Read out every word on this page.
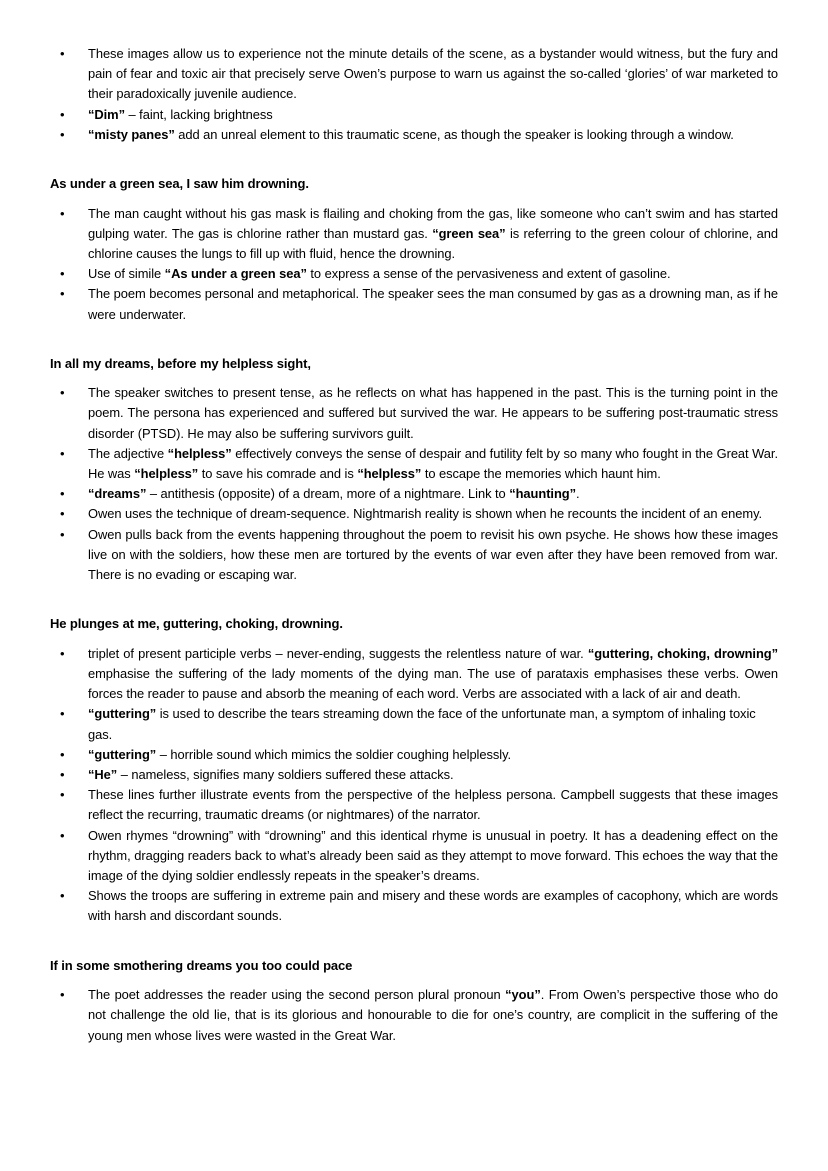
• These images allow us to experience not the minute details of the scene, as a bystander would witness, but the fury and pain of fear and toxic air that precisely serve Owen’s purpose to warn us against the so-called ‘glories’ of war marketed to their paradoxically juvenile audience.
• “Dim” – faint, lacking brightness
• “misty panes” add an unreal element to this traumatic scene, as though the speaker is looking through a window.

As under a green sea, I saw him drowning.

• The man caught without his gas mask is flailing and choking from the gas, like someone who can’t swim and has started gulping water. The gas is chlorine rather than mustard gas. “green sea” is referring to the green colour of chlorine, and chlorine causes the lungs to fill up with fluid, hence the drowning.
• Use of simile “As under a green sea” to express a sense of the pervasiveness and extent of gasoline.
• The poem becomes personal and metaphorical. The speaker sees the man consumed by gas as a drowning man, as if he were underwater.

In all my dreams, before my helpless sight,

• The speaker switches to present tense, as he reflects on what has happened in the past. This is the turning point in the poem. The persona has experienced and suffered but survived the war. He appears to be suffering post-traumatic stress disorder (PTSD). He may also be suffering survivors guilt.
• The adjective “helpless” effectively conveys the sense of despair and futility felt by so many who fought in the Great War. He was “helpless” to save his comrade and is “helpless” to escape the memories which haunt him.
• “dreams” – antithesis (opposite) of a dream, more of a nightmare. Link to “haunting”.
• Owen uses the technique of dream-sequence. Nightmarish reality is shown when he recounts the incident of an enemy.
• Owen pulls back from the events happening throughout the poem to revisit his own psyche. He shows how these images live on with the soldiers, how these men are tortured by the events of war even after they have been removed from war. There is no evading or escaping war.

He plunges at me, guttering, choking, drowning.

• triplet of present participle verbs – never-ending, suggests the relentless nature of war. “guttering, choking, drowning” emphasise the suffering of the lady moments of the dying man. The use of parataxis emphasises these verbs. Owen forces the reader to pause and absorb the meaning of each word. Verbs are associated with a lack of air and death.
• “guttering” is used to describe the tears streaming down the face of the unfortunate man, a symptom of inhaling toxic gas.
• “guttering” – horrible sound which mimics the soldier coughing helplessly.
• “He” – nameless, signifies many soldiers suffered these attacks.
• These lines further illustrate events from the perspective of the helpless persona. Campbell suggests that these images reflect the recurring, traumatic dreams (or nightmares) of the narrator.
• Owen rhymes “drowning” with “drowning” and this identical rhyme is unusual in poetry. It has a deadening effect on the rhythm, dragging readers back to what’s already been said as they attempt to move forward. This echoes the way that the image of the dying soldier endlessly repeats in the speaker’s dreams.
• Shows the troops are suffering in extreme pain and misery and these words are examples of cacophony, which are words with harsh and discordant sounds.

If in some smothering dreams you too could pace

• The poet addresses the reader using the second person plural pronoun “you”. From Owen’s perspective those who do not challenge the old lie, that is its glorious and honourable to die for one’s country, are complicit in the suffering of the young men whose lives were wasted in the Great War.
